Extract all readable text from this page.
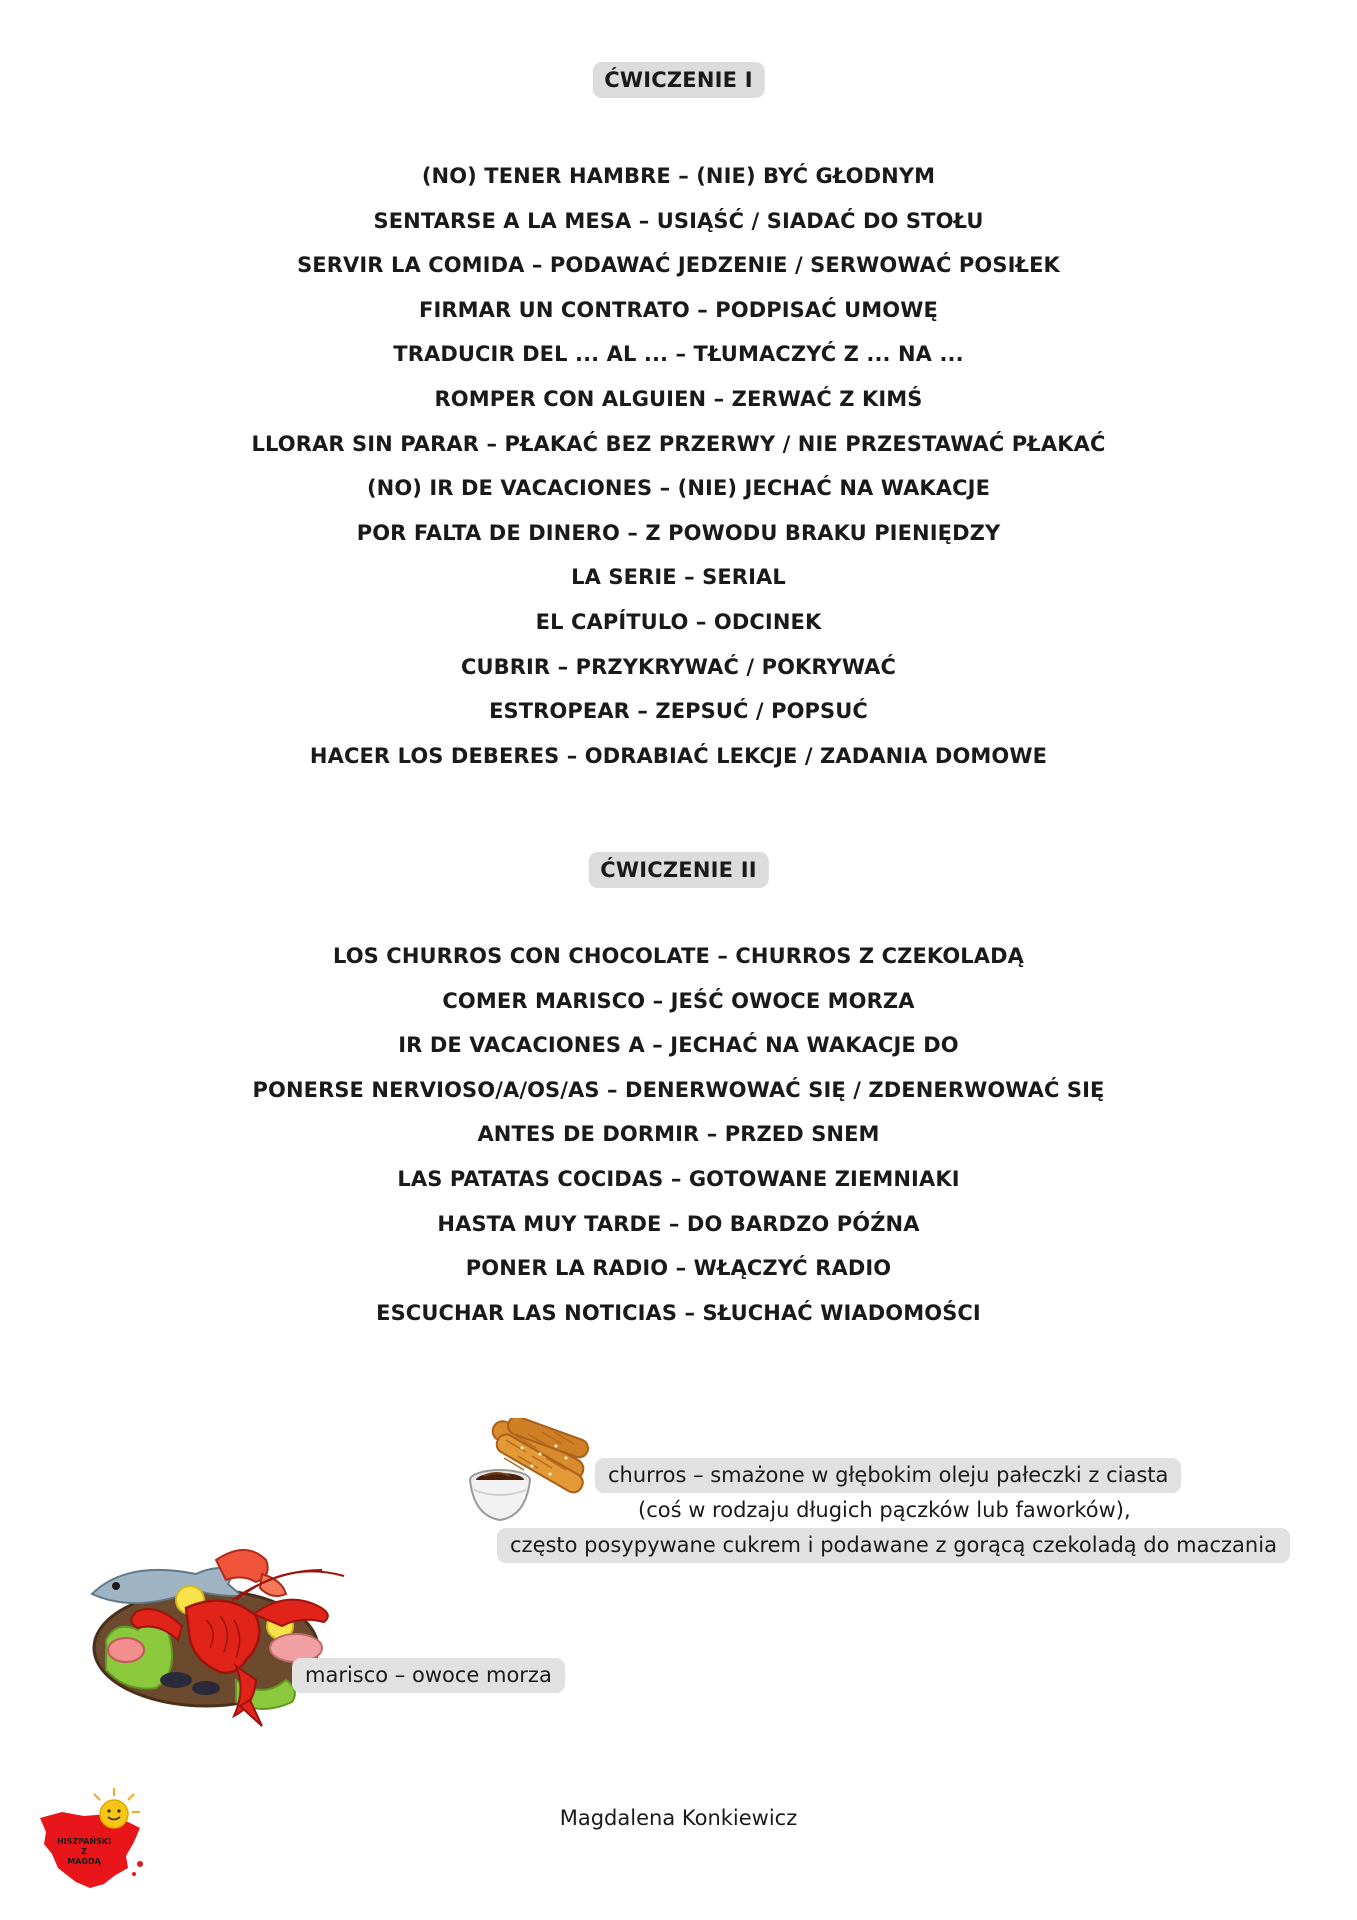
ĆWICZENIE I
(NO) TENER HAMBRE – (NIE) BYĆ GŁODNYM
SENTARSE A LA MESA – USIĄŚĆ / SIADAĆ DO STOŁU
SERVIR LA COMIDA – PODAWAĆ JEDZENIE / SERWOWAĆ POSIŁEK
FIRMAR UN CONTRATO – PODPISAĆ UMOWĘ
TRADUCIR DEL ... AL ... – TŁUMACZYĆ Z ... NA ...
ROMPER CON ALGUIEN – ZERWAĆ Z KIMŚ
LLORAR SIN PARAR – PŁAKAĆ BEZ PRZERWY / NIE PRZESTAWAĆ PŁAKAĆ
(NO) IR DE VACACIONES – (NIE) JECHAĆ NA WAKACJE
POR FALTA DE DINERO – Z POWODU BRAKU PIENIĘDZY
LA SERIE – SERIAL
EL CAPÍTULO – ODCINEK
CUBRIR – PRZYKRYWAĆ / POKRYWAĆ
ESTROPEAR – ZEPSUĆ / POPSUĆ
HACER LOS DEBERES – ODRABIAĆ LEKCJE / ZADANIA DOMOWE
ĆWICZENIE II
LOS CHURROS CON CHOCOLATE – CHURROS Z CZEKOLADĄ
COMER MARISCO – JEŚĆ OWOCE MORZA
IR DE VACACIONES A – JECHAĆ NA WAKACJE DO
PONERSE NERVIOSO/A/OS/AS – DENERWOWAĆ SIĘ / ZDENERWOWAĆ SIĘ
ANTES DE DORMIR – PRZED SNEM
LAS PATATAS COCIDAS – GOTOWANE ZIEMNIAKI
HASTA MUY TARDE – DO BARDZO PÓŹNA
PONER LA RADIO – WŁĄCZYĆ RADIO
ESCUCHAR LAS NOTICIAS – SŁUCHAĆ WIADOMOŚCI
churros – smażone w głębokim oleju pałeczki z ciasta
(coś w rodzaju długich pączków lub faworków),
często posypywane cukrem i podawane z gorącą czekoladą do maczania
marisco – owoce morza
Magdalena Konkiewicz
HISZPAŃSKI
Z
MAGDĄ
